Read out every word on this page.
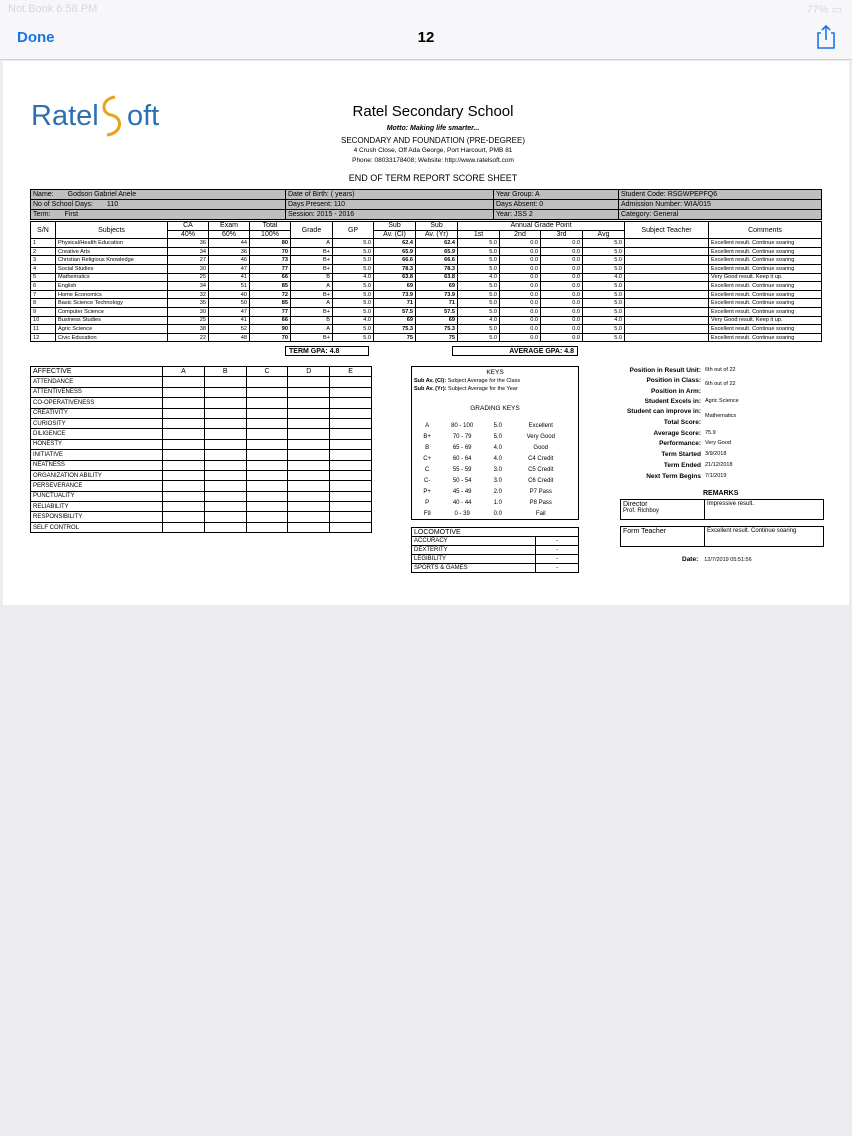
Done	12
Not Book 6:58 PM	77% ▭
Ratel oft	Ratel Secondary School
Motto: Making life smarter...
SECONDARY AND FOUNDATION (PRE-DEGREE)
4 Crush Close, Off Ada George, Port Harcourt, PMB 81
Phone: 08033178408; Website: http://www.ratelsoft.com
END OF TERM REPORT SCORE SHEET
Name: Godson Gabriel Anele	Date of Birth: ( years)	Year Group: A	Student Code: RSGWPEPFQ6
No of School Days: 110	Days Present: 110	Days Absent: 0	Admission Number: WIA/015
Term: First	Session: 2015 - 2016	Year: JSS 2	Category: General
S/N	Subjects	CA	Exam	Total	Grade	GP	Sub	Sub	Annual Grade Point				Subject Teacher	Comments
		40%	60%	100%			Av. (Cl)	Av. (Yr)	1st	2nd	3rd	Avg		
1	Physical/Health Education	36	44	80	A	5.0	62.4	62.4	5.0	0.0	0.0	5.0		Excellent result. Continue soaring
2	Creative Arts	34	36	70	B+	5.0	65.9	65.9	5.0	0.0	0.0	5.0		Excellent result. Continue soaring
3	Christian Religious Knowledge	27	46	73	B+	5.0	66.6	66.6	5.0	0.0	0.0	5.0		Excellent result. Continue soaring
4	Social Studies	30	47	77	B+	5.0	78.3	78.3	5.0	0.0	0.0	5.0		Excellent result. Continue soaring
5	Mathematics	25	41	66	B	4.0	63.8	63.8	4.0	0.0	0.0	4.0		Very Good result. Keep it up.
6	English	34	51	85	A	5.0	69	69	5.0	0.0	0.0	5.0		Excellent result. Continue soaring
7	Home Economics	32	40	72	B+	5.0	73.9	73.9	5.0	0.0	0.0	5.0		Excellent result. Continue soaring
8	Basic Science Technology	35	50	85	A	5.0	71	71	5.0	0.0	0.0	5.0		Excellent result. Continue soaring
9	Computer Science	30	47	77	B+	5.0	57.5	57.5	5.0	0.0	0.0	5.0		Excellent result. Continue soaring
10	Business Studies	25	41	66	B	4.0	69	69	4.0	0.0	0.0	4.0		Very Good result. Keep it up.
11	Agric Science	38	52	90	A	5.0	75.3	75.3	5.0	0.0	0.0	5.0		Excellent result. Continue soaring
12	Civic Education	22	48	70	B+	5.0	75	75	5.0	0.0	0.0	5.0		Excellent result. Continue soaring
TERM GPA: 4.8	AVERAGE GPA: 4.8
AFFECTIVE	A	B	C	D	E
ATTENDANCE					
ATTENTIVENESS					
CO-OPERATIVENESS					
CREATIVITY					
CURIOSITY					
DILIGENCE					
HONESTY					
INITIATIVE					
NEATNESS					
ORGANIZATION ABILITY					
PERSEVERANCE					
PUNCTUALITY					
RELIABILITY					
RESPONSIBILITY					
SELF CONTROL					
KEYS
Sub Av. (Cl): Subject Average for the Class
Sub Av. (Yr): Subject Average for the Year
GRADING KEYS
A	80 - 100	5.0	Excellent
B+	70 - 79	5.0	Very Good
B	65 - 69	4.0	Good
C+	60 - 64	4.0	C4 Credit
C	55 - 59	3.0	C5 Credit
C-	50 - 54	3.0	C6 Credit
P+	45 - 49	2.0	P7 Pass
P	40 - 44	1.0	P8 Pass
F9	0 - 39	0.0	Fail
LOCOMOTIVE	
ACCURACY	-
DEXTERITY	-
LEGIBILITY	-
SPORTS & GAMES	-
Position in Result Unit: 6th out of 22
Position in Class: 6th out of 22
Position in Arm:
Student Excels in: Agric Science
Student can improve in:
Mathematics
Total Score:
Average Score: 75.9
Performance: Very Good
Term Started 3/9/2018
Term Ended 21/12/2018
Next Term Begins 7/1/2019
REMARKS
Director
Prof. Richboy
	Impressive result.
Form Teacher	Excellent result. Continue soaring
Date: 12/7/2019 05:51:56
